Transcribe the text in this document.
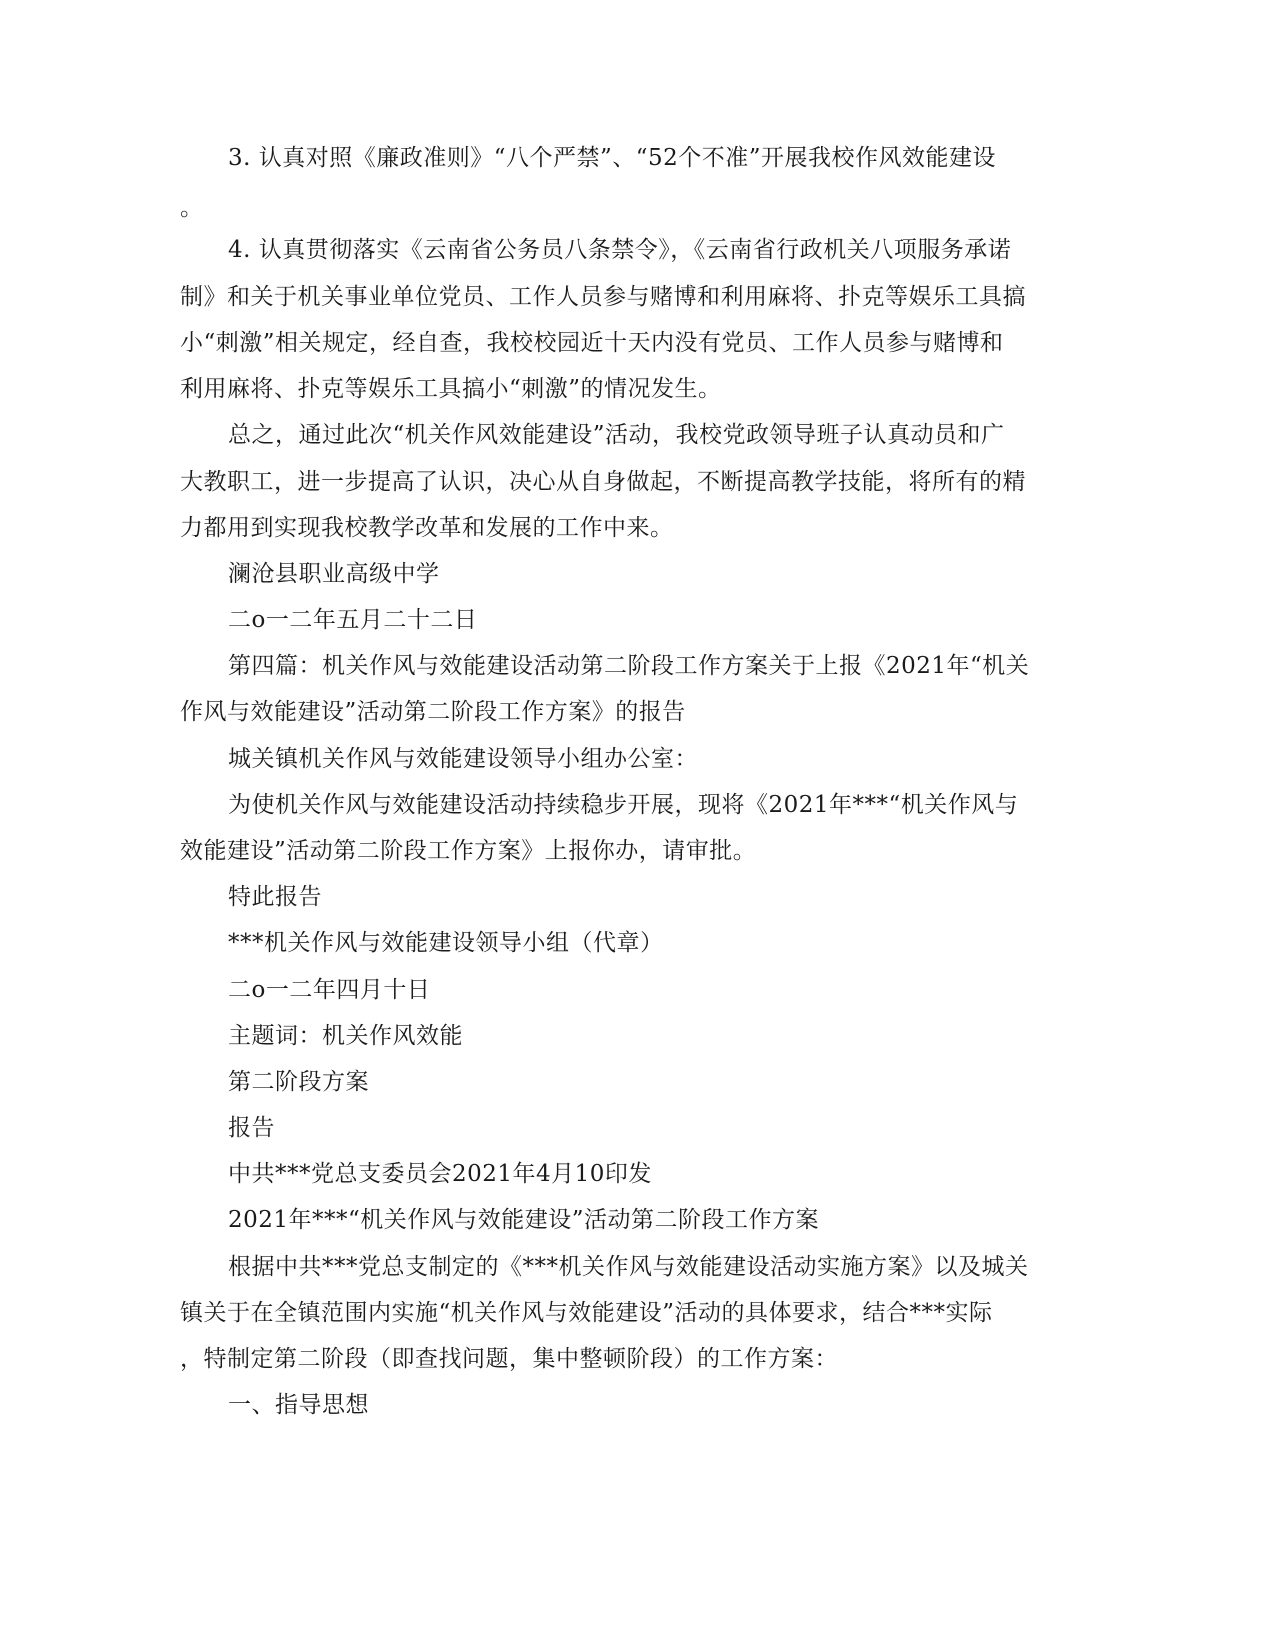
3. 认真对照《廉政准则》“八个严禁”、“52个不准”开展我校作风效能建设

。

4. 认真贯彻落实《云南省公务员八条禁令》，《云南省行政机关八项服务承诺

制》和关于机关事业单位党员、工作人员参与赌博和利用麻将、扑克等娱乐工具搞

小“刺激”相关规定，经自查，我校校园近十天内没有党员、工作人员参与赌博和

利用麻将、扑克等娱乐工具搞小“刺激”的情况发生。

总之，通过此次“机关作风效能建设”活动，我校党政领导班子认真动员和广

大教职工，进一步提高了认识，决心从自身做起，不断提高教学技能，将所有的精

力都用到实现我校教学改革和发展的工作中来。

澜沧县职业高级中学

二o一二年五月二十二日

第四篇：机关作风与效能建设活动第二阶段工作方案关于上报《2021年“机关

作风与效能建设”活动第二阶段工作方案》的报告

城关镇机关作风与效能建设领导小组办公室：

为使机关作风与效能建设活动持续稳步开展，现将《2021年***“机关作风与

效能建设”活动第二阶段工作方案》上报你办，请审批。

特此报告

***机关作风与效能建设领导小组（代章）

二o一二年四月十日

主题词：机关作风效能

第二阶段方案

报告

中共***党总支委员会2021年4月10印发

2021年***“机关作风与效能建设”活动第二阶段工作方案

根据中共***党总支制定的《***机关作风与效能建设活动实施方案》以及城关

镇关于在全镇范围内实施“机关作风与效能建设”活动的具体要求，结合***实际

，特制定第二阶段（即查找问题，集中整顿阶段）的工作方案：

一、指导思想
